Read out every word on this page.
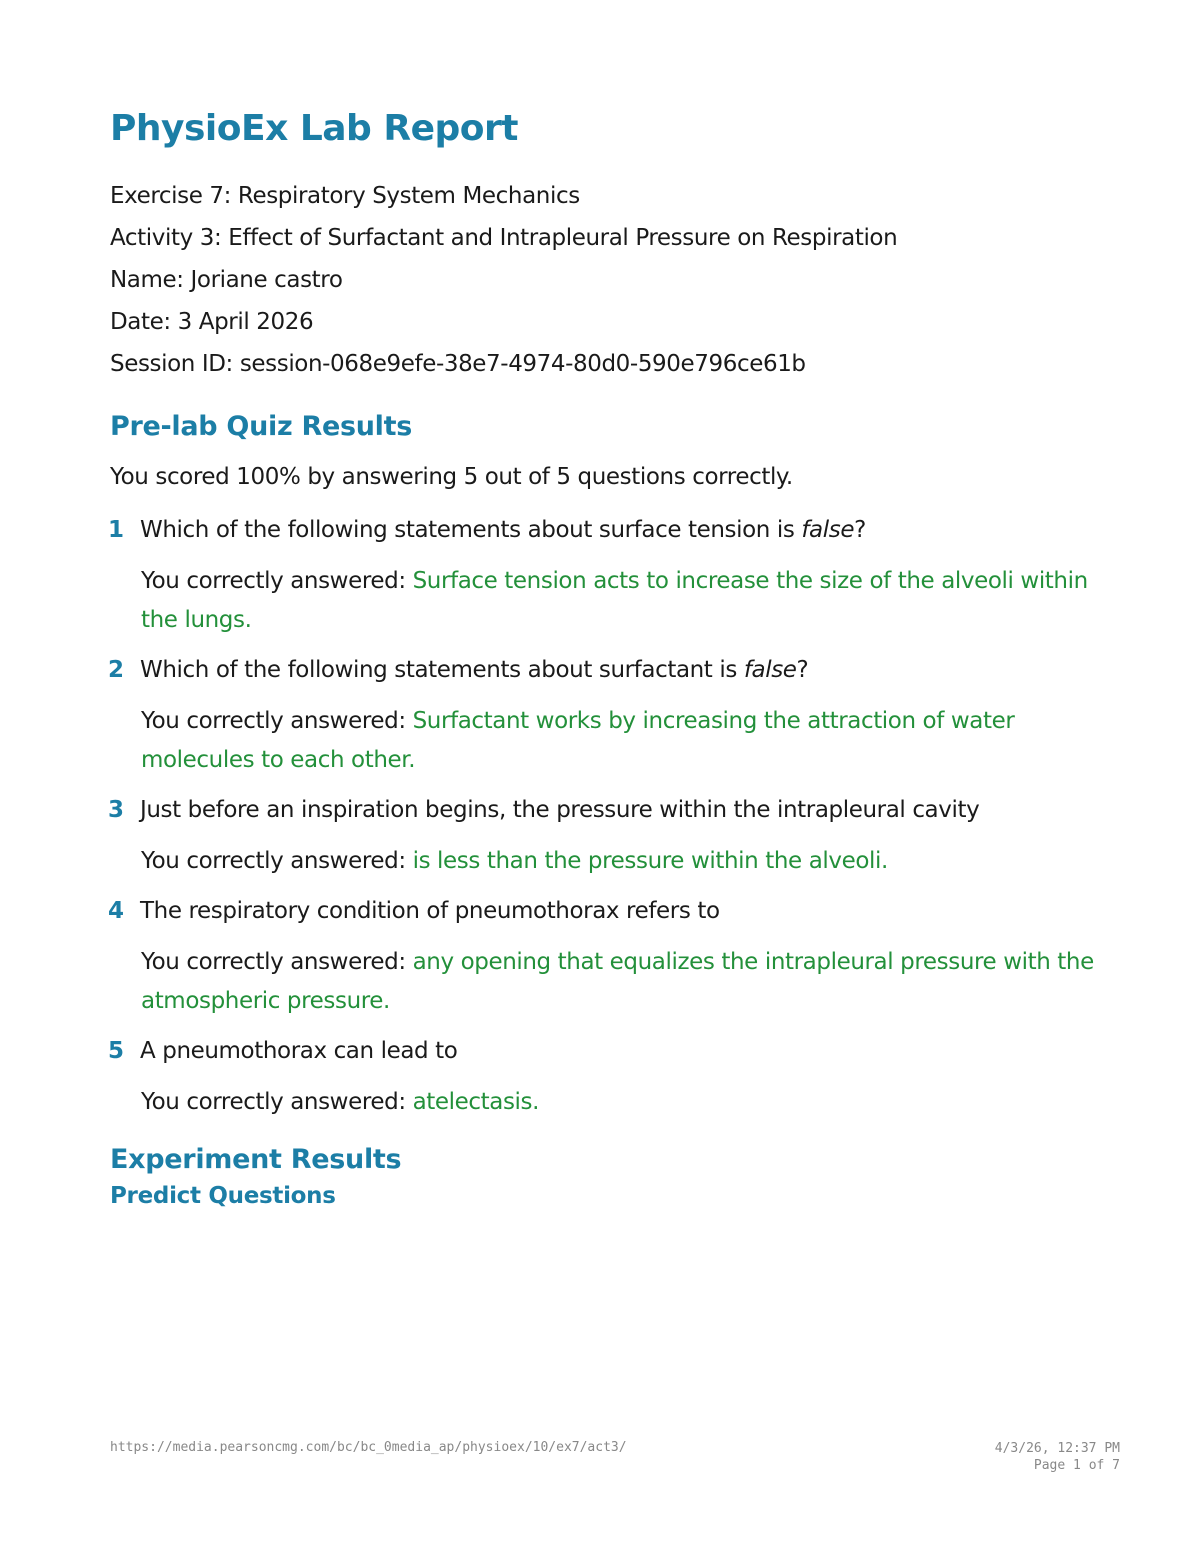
PhysioEx Lab Report
Exercise 7: Respiratory System Mechanics
Activity 3: Effect of Surfactant and Intrapleural Pressure on Respiration
Name: Joriane castro
Date: 3 April 2026
Session ID: session-068e9efe-38e7-4974-80d0-590e796ce61b
Pre-lab Quiz Results
You scored 100% by answering 5 out of 5 questions correctly.
1 Which of the following statements about surface tension is false?
You correctly answered: Surface tension acts to increase the size of the alveoli within the lungs.
2 Which of the following statements about surfactant is false?
You correctly answered: Surfactant works by increasing the attraction of water molecules to each other.
3 Just before an inspiration begins, the pressure within the intrapleural cavity
You correctly answered: is less than the pressure within the alveoli.
4 The respiratory condition of pneumothorax refers to
You correctly answered: any opening that equalizes the intrapleural pressure with the atmospheric pressure.
5 A pneumothorax can lead to
You correctly answered: atelectasis.
Experiment Results
Predict Questions
https://media.pearsoncmg.com/bc/bc_0media_ap/physioex/10/ex7/act3/	4/3/26, 12:37 PM
Page 1 of 7
